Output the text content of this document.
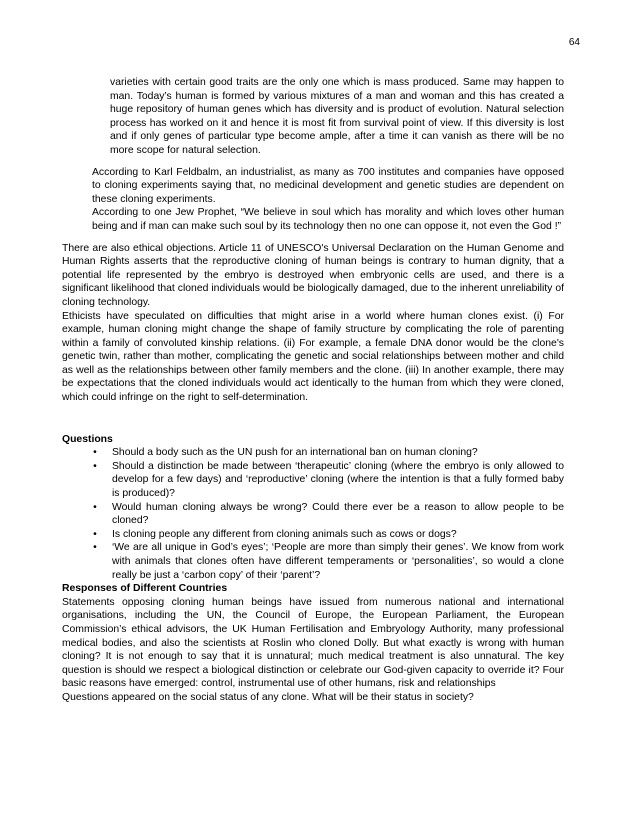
64

varieties with certain good traits are the only one which is mass produced. Same may happen to man. Today’s human is formed by various mixtures of a man and woman and this has created a huge repository of human genes which has diversity and is product of evolution. Natural selection process has worked on it and hence it is most fit from survival point of view. If this diversity is lost and if only genes of particular type become ample, after a time it can vanish as there will be no more scope for natural selection.

According to Karl Feldbalm, an industrialist, as many as 700 institutes and companies have opposed to cloning experiments saying that, no medicinal development and genetic studies are dependent on these cloning experiments.

According to one Jew Prophet, “We believe in soul which has morality and which loves other human being and if man can make such soul by its technology then no one can oppose it, not even the God !”

There are also ethical objections. Article 11 of UNESCO's Universal Declaration on the Human Genome and Human Rights asserts that the reproductive cloning of human beings is contrary to human dignity, that a potential life represented by the embryo is destroyed when embryonic cells are used, and there is a significant likelihood that cloned individuals would be biologically damaged, due to the inherent unreliability of cloning technology.

Ethicists have speculated on difficulties that might arise in a world where human clones exist. (i) For example, human cloning might change the shape of family structure by complicating the role of parenting within a family of convoluted kinship relations. (ii) For example, a female DNA donor would be the clone's genetic twin, rather than mother, complicating the genetic and social relationships between mother and child as well as the relationships between other family members and the clone. (iii) In another example, there may be expectations that the cloned individuals would act identically to the human from which they were cloned, which could infringe on the right to self-determination.

Questions

•	Should a body such as the UN push for an international ban on human cloning?
•	Should a distinction be made between ‘therapeutic’ cloning (where the embryo is only allowed to develop for a few days) and ‘reproductive’ cloning (where the intention is that a fully formed baby is produced)?
•	Would human cloning always be wrong? Could there ever be a reason to allow people to be cloned?
•	Is cloning people any different from cloning animals such as cows or dogs?
•	‘We are all unique in God’s eyes’; ‘People are more than simply their genes’. We know from work with animals that clones often have different temperaments or ‘personalities’, so would a clone really be just a ‘carbon copy’ of their ‘parent’?

Responses of Different Countries

Statements opposing cloning human beings have issued from numerous national and international organisations, including the UN, the Council of Europe, the European Parliament, the European Commission’s ethical advisors, the UK Human Fertilisation and Embryology Authority, many professional medical bodies, and also the scientists at Roslin who cloned Dolly. But what exactly is wrong with human cloning? It is not enough to say that it is unnatural; much medical treatment is also unnatural. The key question is should we respect a biological distinction or celebrate our God-given capacity to override it? Four basic reasons have emerged: control, instrumental use of other humans, risk and relationships

Questions appeared on the social status of any clone. What will be their status in society?
